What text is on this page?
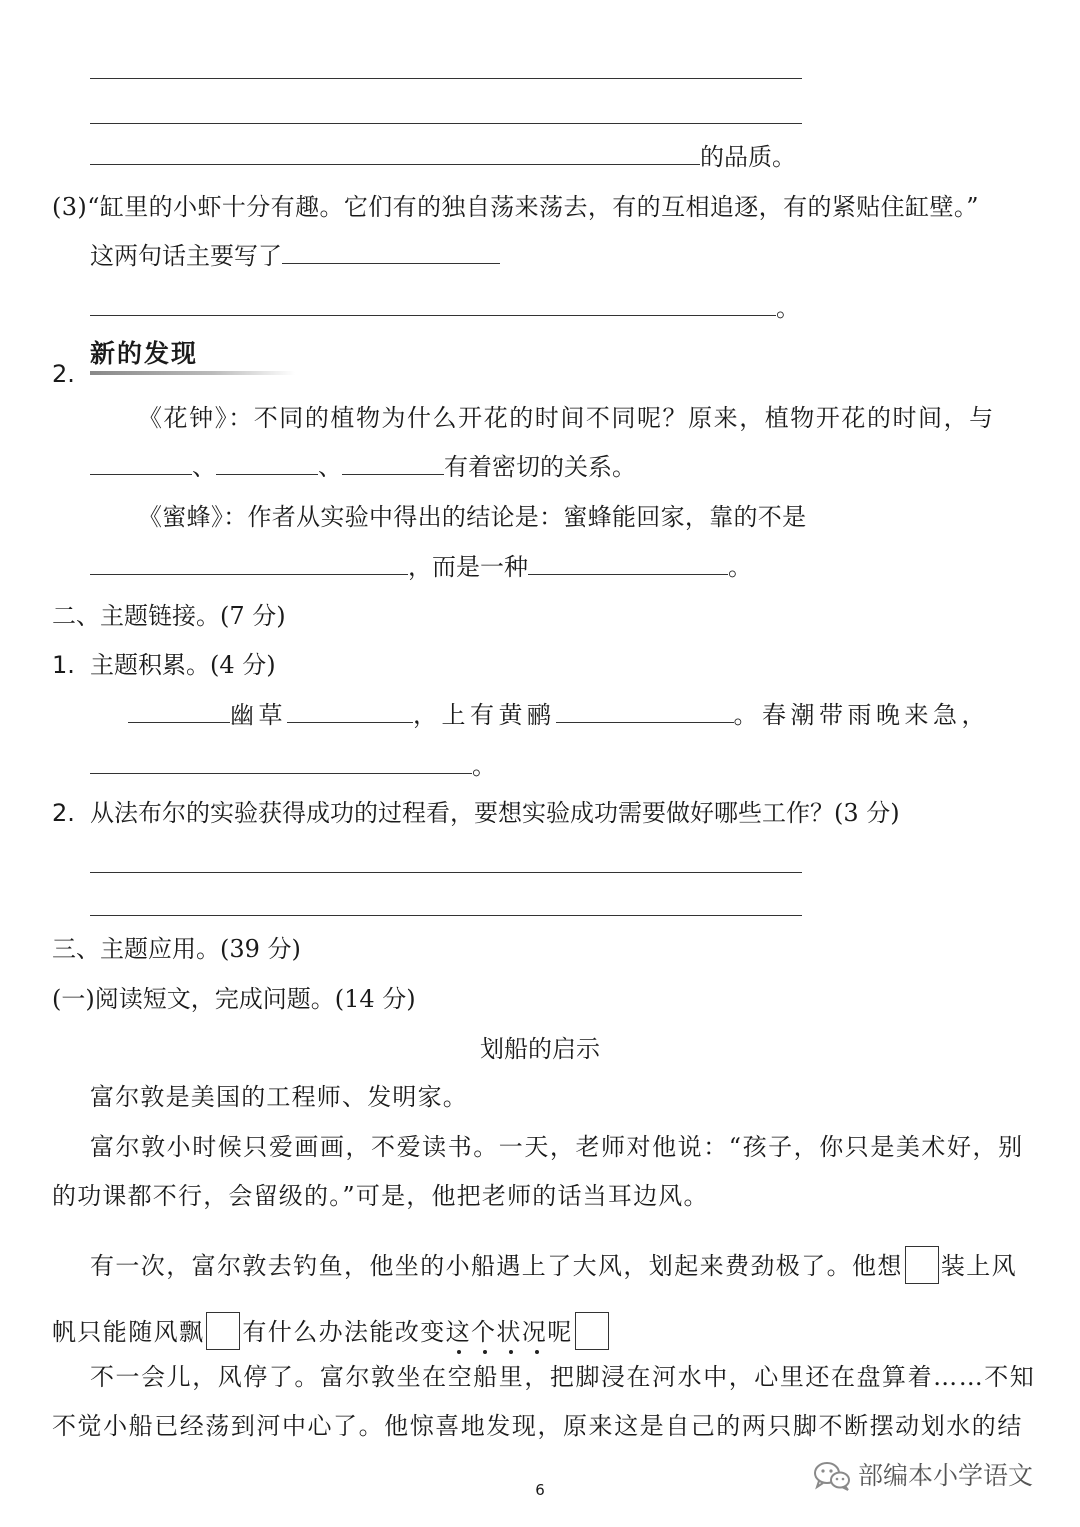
的品质。
(3)“缸里的小虾十分有趣。它们有的独自荡来荡去，有的互相追逐，有的紧贴住缸壁。”
这两句话主要写了
。
2.
新的发现
《花钟》：不同的植物为什么开花的时间不同呢？原来，植物开花的时间，与
、	、	有着密切的关系。
《蜜蜂》：作者从实验中得出的结论是：蜜蜂能回家，靠的不是
，而是一种	。
二、主题链接。(7 分)
1. 主题积累。(4 分)
幽草	，上有黄鹂	。春潮带雨晚来急，
。
2. 从法布尔的实验获得成功的过程看，要想实验成功需要做好哪些工作？(3 分)
三、主题应用。(39 分)
(一)阅读短文，完成问题。(14 分)
划船的启示
富尔敦是美国的工程师、发明家。
富尔敦小时候只爱画画，不爱读书。一天，老师对他说：“孩子，你只是美术好，别
的功课都不行，会留级的。”可是，他把老师的话当耳边风。
有一次，富尔敦去钓鱼，他坐的小船遇上了大风，划起来费劲极了。他想 装上风
帆只能随风飘 有什么办法能改变这个状况
呢
不一会儿，风停了。富尔敦坐在空船里，把脚浸在河水中，心里还在盘算着……不知
不觉小船已经荡到河中心了。他惊喜地发现，原来这是自己的两只脚不断摆动划水的结
6	部编本小学语文
